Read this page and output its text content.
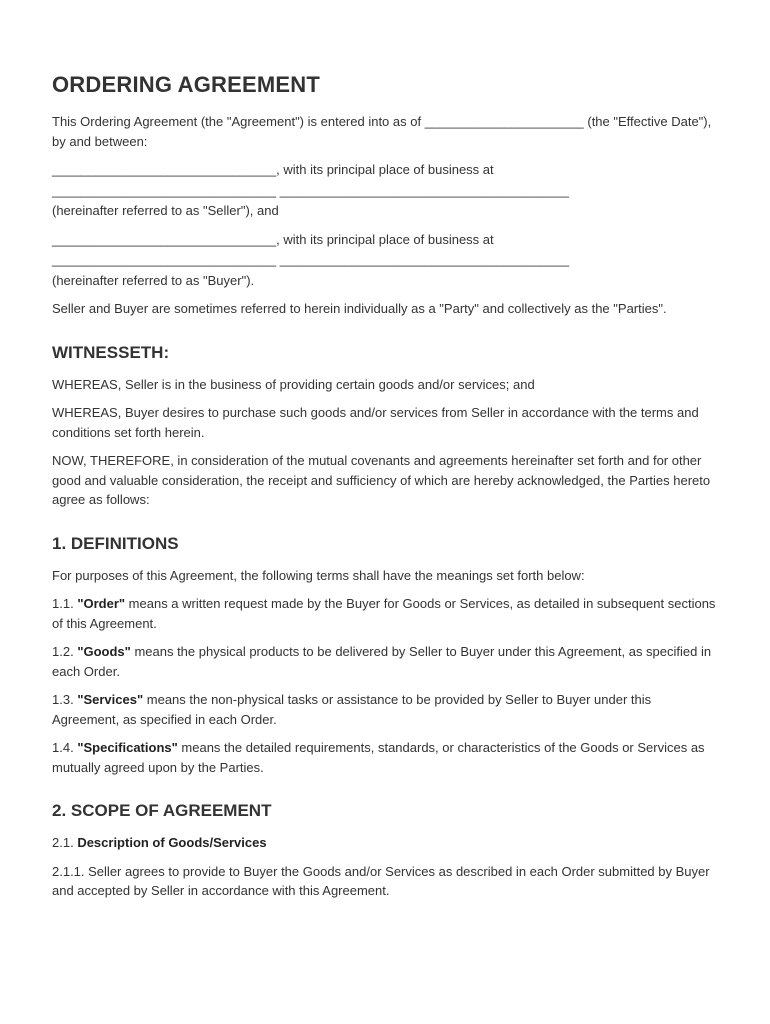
ORDERING AGREEMENT

This Ordering Agreement (the "Agreement") is entered into as of ______________________ (the "Effective Date"), by and between:

_______________________________, with its principal place of business at

_______________________________ ________________________________________

(hereinafter referred to as "Seller"), and

_______________________________, with its principal place of business at

_______________________________ ________________________________________

(hereinafter referred to as "Buyer").

Seller and Buyer are sometimes referred to herein individually as a "Party" and collectively as the "Parties".

WITNESSETH:

WHEREAS, Seller is in the business of providing certain goods and/or services; and

WHEREAS, Buyer desires to purchase such goods and/or services from Seller in accordance with the terms and conditions set forth herein.

NOW, THEREFORE, in consideration of the mutual covenants and agreements hereinafter set forth and for other good and valuable consideration, the receipt and sufficiency of which are hereby acknowledged, the Parties hereto agree as follows:

1. DEFINITIONS

For purposes of this Agreement, the following terms shall have the meanings set forth below:

1.1. "Order" means a written request made by the Buyer for Goods or Services, as detailed in subsequent sections of this Agreement.

1.2. "Goods" means the physical products to be delivered by Seller to Buyer under this Agreement, as specified in each Order.

1.3. "Services" means the non-physical tasks or assistance to be provided by Seller to Buyer under this Agreement, as specified in each Order.

1.4. "Specifications" means the detailed requirements, standards, or characteristics of the Goods or Services as mutually agreed upon by the Parties.

2. SCOPE OF AGREEMENT

2.1. Description of Goods/Services

2.1.1. Seller agrees to provide to Buyer the Goods and/or Services as described in each Order submitted by Buyer and accepted by Seller in accordance with this Agreement.
